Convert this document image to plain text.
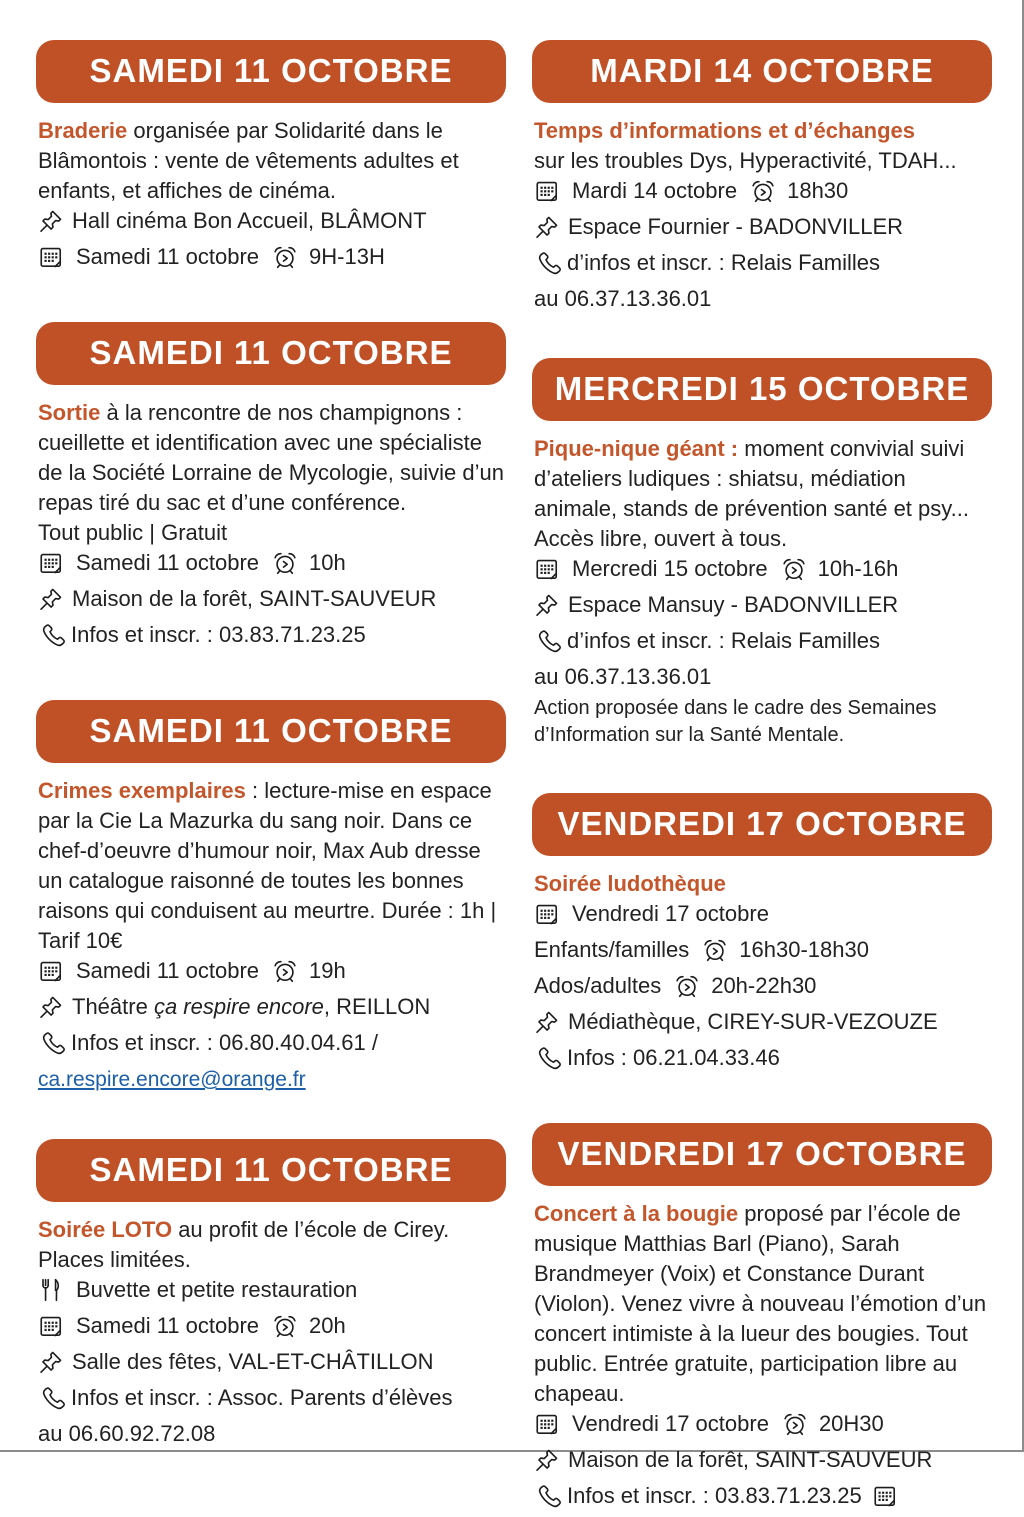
SAMEDI 11 OCTOBRE

Braderie organisée par Solidarité dans le Blâmontois : vente de vêtements adultes et enfants, et affiches de cinéma.

Hall cinéma Bon Accueil, BLÂMONT

Samedi 11 octobre 9H-13H

SAMEDI 11 OCTOBRE

Sortie à la rencontre de nos champignons : cueillette et identification avec une spécialiste de la Société Lorraine de Mycologie, suivie d’un repas tiré du sac et d’une conférence.

Tout public | Gratuit

Samedi 11 octobre 10h

Maison de la forêt, SAINT-SAUVEUR

Infos et inscr. : 03.83.71.23.25

SAMEDI 11 OCTOBRE

Crimes exemplaires : lecture-mise en espace par la Cie La Mazurka du sang noir. Dans ce chef-d’oeuvre d’humour noir, Max Aub dresse un catalogue raisonné de toutes les bonnes raisons qui conduisent au meurtre. Durée : 1h | Tarif 10€

Samedi 11 octobre 19h

Théâtre ça respire encore, REILLON

Infos et inscr. : 06.80.40.04.61 /

ca.respire.encore@orange.fr

SAMEDI 11 OCTOBRE

Soirée LOTO au profit de l’école de Cirey. Places limitées.

Buvette et petite restauration

Samedi 11 octobre 20h

Salle des fêtes, VAL-ET-CHÂTILLON

Infos et inscr. : Assoc. Parents d’élèves

au 06.60.92.72.08

MARDI 14 OCTOBRE

Temps d’informations et d’échanges
sur les troubles Dys, Hyperactivité, TDAH...

Mardi 14 octobre 18h30

Espace Fournier - BADONVILLER

d’infos et inscr. : Relais Familles

au 06.37.13.36.01

MERCREDI 15 OCTOBRE

Pique-nique géant : moment convivial suivi d’ateliers ludiques : shiatsu, médiation animale, stands de prévention santé et psy... Accès libre, ouvert à tous.

Mercredi 15 octobre 10h-16h

Espace Mansuy - BADONVILLER

d’infos et inscr. : Relais Familles

au 06.37.13.36.01

Action proposée dans le cadre des Semaines d’Information sur la Santé Mentale.

VENDREDI 17 OCTOBRE

Soirée ludothèque

Vendredi 17 octobre

Enfants/familles 16h30-18h30

Ados/adultes 20h-22h30

Médiathèque, CIREY-SUR-VEZOUZE

Infos : 06.21.04.33.46

VENDREDI 17 OCTOBRE

Concert à la bougie proposé par l’école de musique Matthias Barl (Piano), Sarah Brandmeyer (Voix) et Constance Durant (Violon). Venez vivre à nouveau l’émotion d’un concert intimiste à la lueur des bougies. Tout public. Entrée gratuite, participation libre au chapeau.

Vendredi 17 octobre 20H30

Maison de la forêt, SAINT-SAUVEUR

Infos et inscr. : 03.83.71.23.25
